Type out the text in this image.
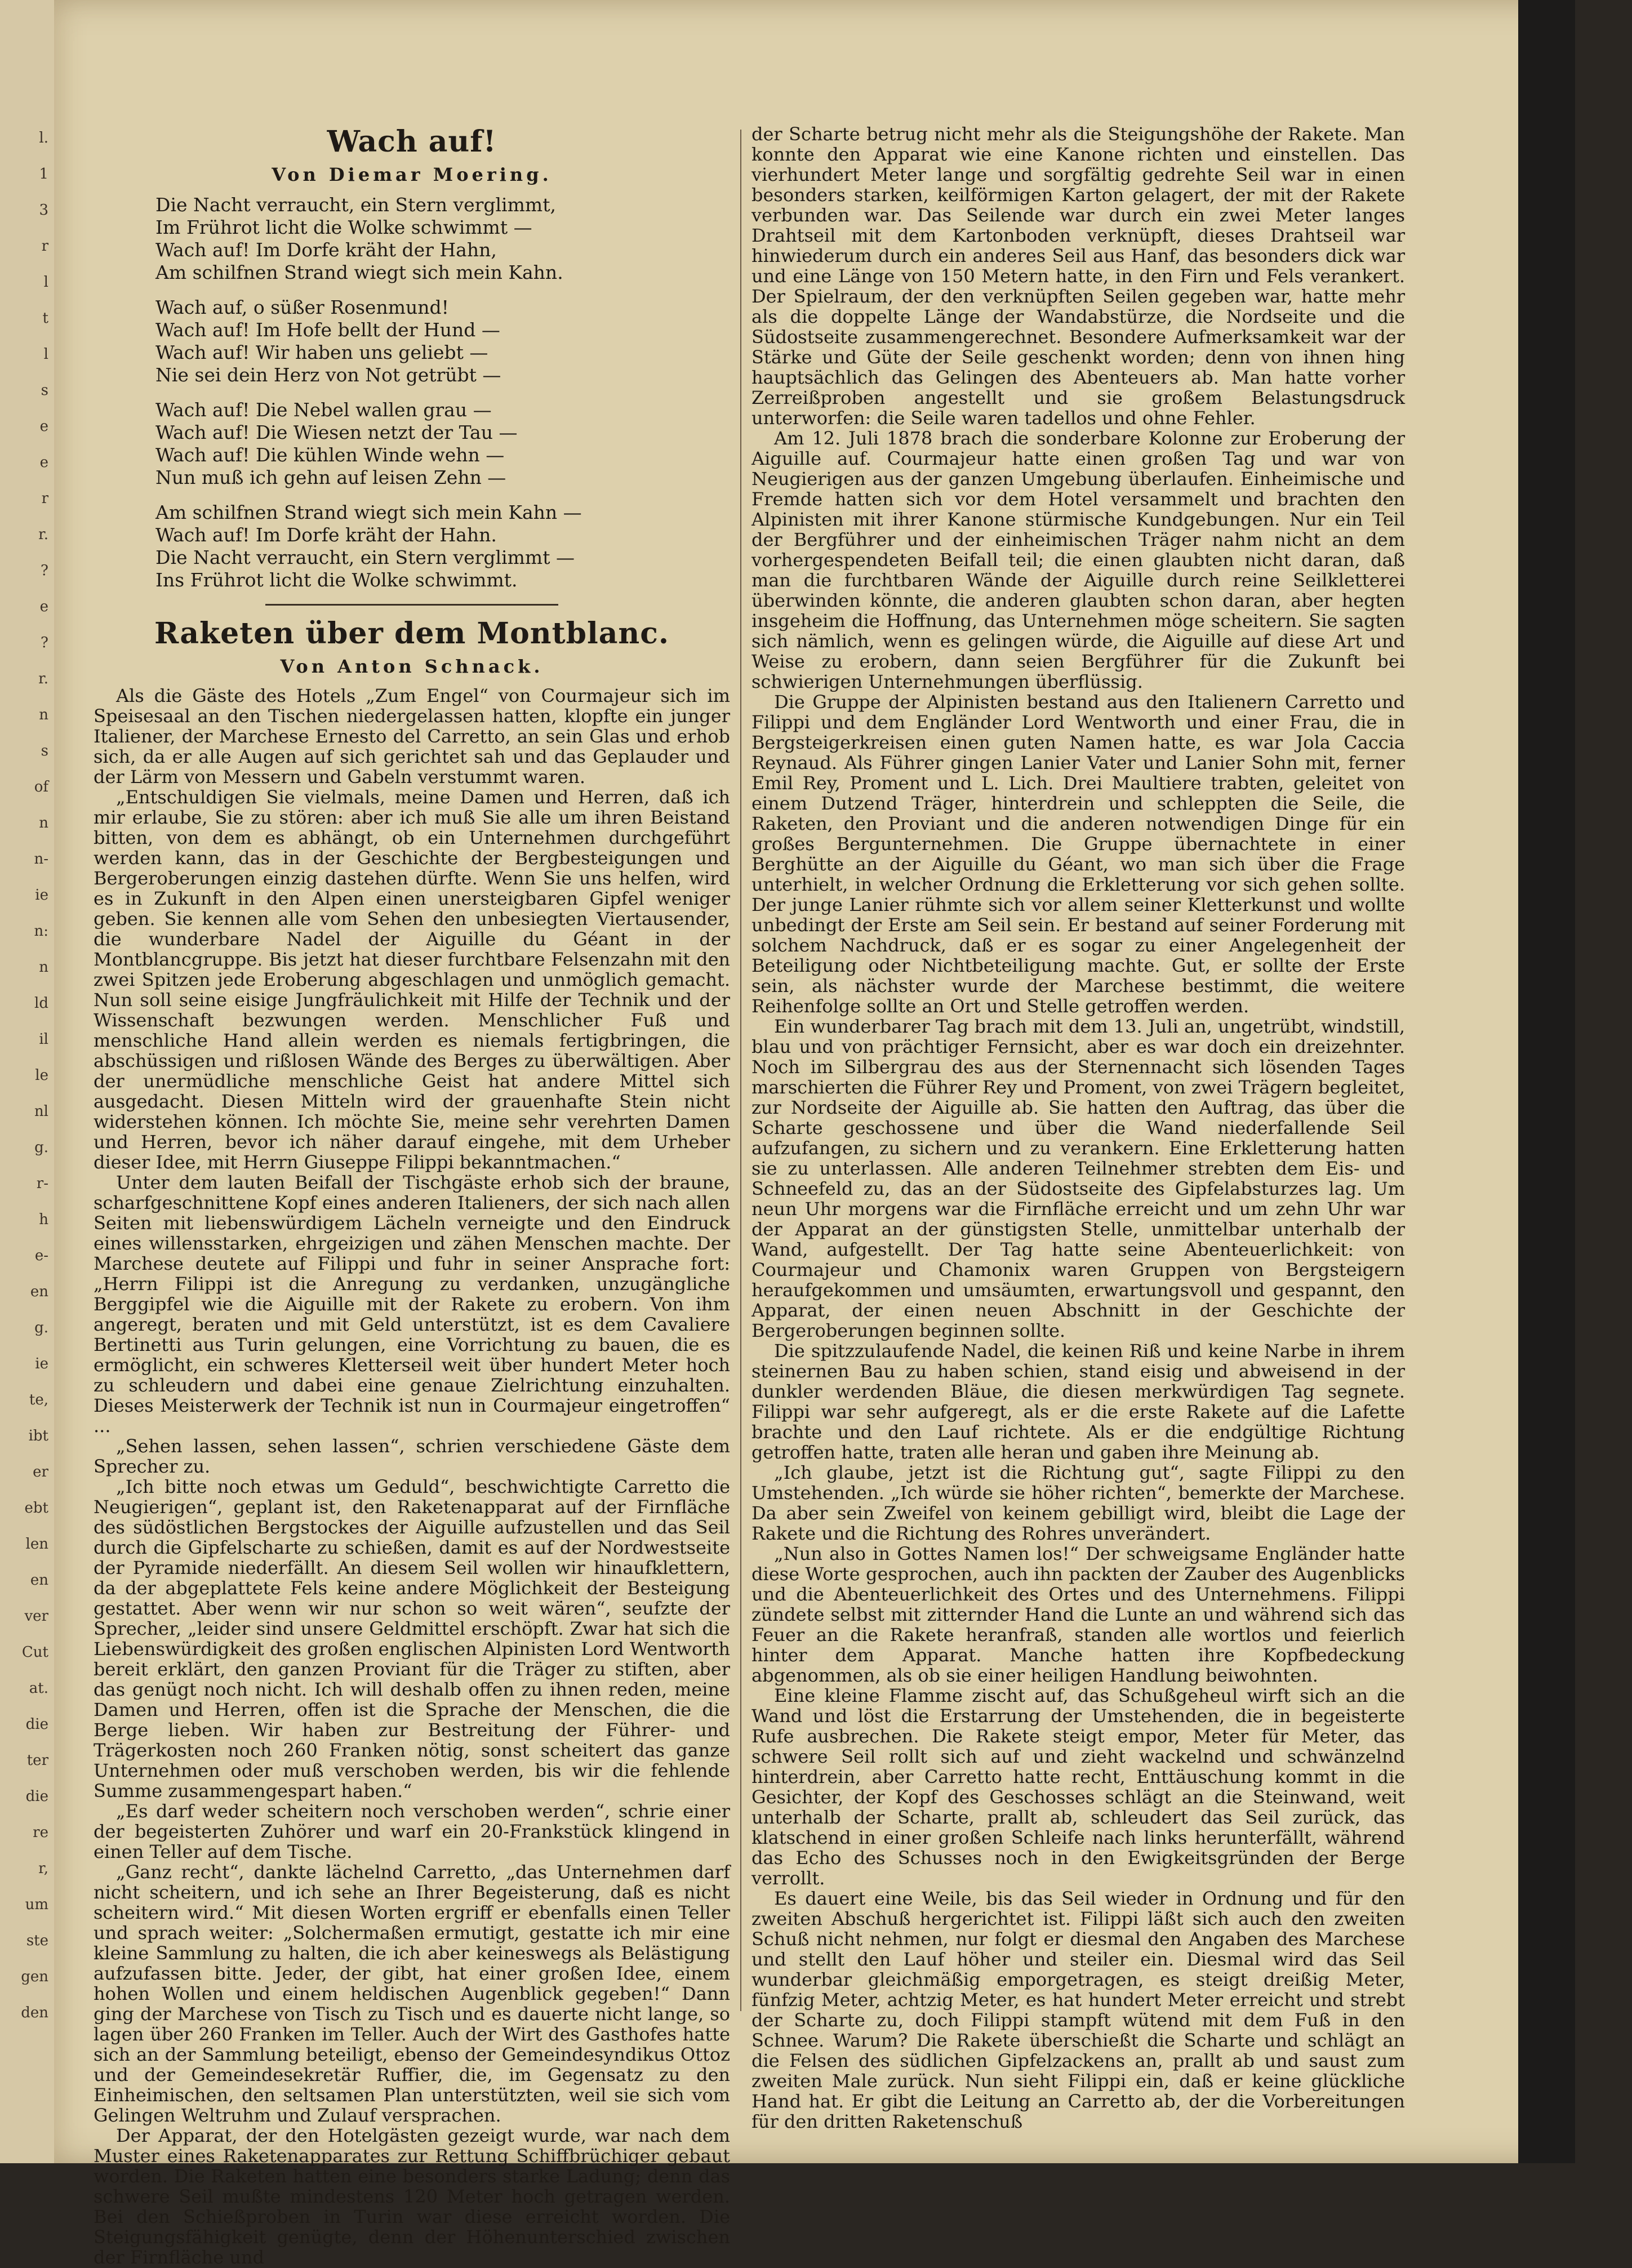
l.
1
3
r
l
t
l
s
e
e
r
r.
?
e
?
r.
n
s
of
n
n-
ie
n:
n
ld
il
le
nl
g.
r-
h
e-
en
g.
ie
te,
ibt
er
ebt
len
en
ver
Cut
at.
die
ter
die
re
r,
um
ste
gen
den
Wach auf!
Von Diemar Moering.
Die Nacht verraucht, ein Stern verglimmt,
Im Frührot licht die Wolke schwimmt —
Wach auf! Im Dorfe kräht der Hahn,
Am schilfnen Strand wiegt sich mein Kahn.
Wach auf, o süßer Rosenmund!
Wach auf! Im Hofe bellt der Hund —
Wach auf! Wir haben uns geliebt —
Nie sei dein Herz von Not getrübt —
Wach auf! Die Nebel wallen grau —
Wach auf! Die Wiesen netzt der Tau —
Wach auf! Die kühlen Winde wehn —
Nun muß ich gehn auf leisen Zehn —
Am schilfnen Strand wiegt sich mein Kahn —
Wach auf! Im Dorfe kräht der Hahn.
Die Nacht verraucht, ein Stern verglimmt —
Ins Frührot licht die Wolke schwimmt.
Raketen über dem Montblanc.
Von Anton Schnack.

Als die Gäste des Hotels „Zum Engel“ von Courmajeur sich im Speisesaal an den Tischen niedergelassen hatten, klopfte ein junger Italiener, der Marchese Ernesto del Carretto, an sein Glas und erhob sich, da er alle Augen auf sich gerichtet sah und das Geplauder und der Lärm von Messern und Gabeln verstummt waren.

„Entschuldigen Sie vielmals, meine Damen und Herren, daß ich mir erlaube, Sie zu stören: aber ich muß Sie alle um ihren Beistand bitten, von dem es abhängt, ob ein Unternehmen durchgeführt werden kann, das in der Geschichte der Bergbesteigungen und Bergeroberungen einzig dastehen dürfte. Wenn Sie uns helfen, wird es in Zukunft in den Alpen einen unersteigbaren Gipfel weniger geben. Sie kennen alle vom Sehen den unbesiegten Viertausender, die wunderbare Nadel der Aiguille du Géant in der Montblancgruppe. Bis jetzt hat dieser furchtbare Felsenzahn mit den zwei Spitzen jede Eroberung abgeschlagen und unmöglich gemacht. Nun soll seine eisige Jungfräulichkeit mit Hilfe der Technik und der Wissenschaft bezwungen werden. Menschlicher Fuß und menschliche Hand allein werden es niemals fertigbringen, die abschüssigen und rißlosen Wände des Berges zu überwältigen. Aber der unermüdliche menschliche Geist hat andere Mittel sich ausgedacht. Diesen Mitteln wird der grauenhafte Stein nicht widerstehen können. Ich möchte Sie, meine sehr verehrten Damen und Herren, bevor ich näher darauf eingehe, mit dem Urheber dieser Idee, mit Herrn Giuseppe Filippi bekanntmachen.“

Unter dem lauten Beifall der Tischgäste erhob sich der braune, scharfgeschnittene Kopf eines anderen Italieners, der sich nach allen Seiten mit liebenswürdigem Lächeln verneigte und den Eindruck eines willensstarken, ehrgeizigen und zähen Menschen machte. Der Marchese deutete auf Filippi und fuhr in seiner Ansprache fort: „Herrn Filippi ist die Anregung zu verdanken, unzugängliche Berggipfel wie die Aiguille mit der Rakete zu erobern. Von ihm angeregt, beraten und mit Geld unterstützt, ist es dem Cavaliere Bertinetti aus Turin gelungen, eine Vorrichtung zu bauen, die es ermöglicht, ein schweres Kletterseil weit über hundert Meter hoch zu schleudern und dabei eine genaue Zielrichtung einzuhalten. Dieses Meisterwerk der Technik ist nun in Courmajeur eingetroffen“ ...

„Sehen lassen, sehen lassen“, schrien verschiedene Gäste dem Sprecher zu.

„Ich bitte noch etwas um Geduld“, beschwichtigte Carretto die Neugierigen“, geplant ist, den Raketenapparat auf der Firnfläche des südöstlichen Bergstockes der Aiguille aufzustellen und das Seil durch die Gipfelscharte zu schießen, damit es auf der Nordwestseite der Pyramide niederfällt. An diesem Seil wollen wir hinaufklettern, da der abgeplattete Fels keine andere Möglichkeit der Besteigung gestattet. Aber wenn wir nur schon so weit wären“, seufzte der Sprecher, „leider sind unsere Geldmittel erschöpft. Zwar hat sich die Liebenswürdigkeit des großen englischen Alpinisten Lord Wentworth bereit erklärt, den ganzen Proviant für die Träger zu stiften, aber das genügt noch nicht. Ich will deshalb offen zu ihnen reden, meine Damen und Herren, offen ist die Sprache der Menschen, die die Berge lieben. Wir haben zur Bestreitung der Führer- und Trägerkosten noch 260 Franken nötig, sonst scheitert das ganze Unternehmen oder muß verschoben werden, bis wir die fehlende Summe zusammengespart haben.“

„Es darf weder scheitern noch verschoben werden“, schrie einer der begeisterten Zuhörer und warf ein 20-Frankstück klingend in einen Teller auf dem Tische.

„Ganz recht“, dankte lächelnd Carretto, „das Unternehmen darf nicht scheitern, und ich sehe an Ihrer Begeisterung, daß es nicht scheitern wird.“ Mit diesen Worten ergriff er ebenfalls einen Teller und sprach weiter: „Solchermaßen ermutigt, gestatte ich mir eine kleine Sammlung zu halten, die ich aber keineswegs als Belästigung aufzufassen bitte. Jeder, der gibt, hat einer großen Idee, einem hohen Wollen und einem heldischen Augenblick gegeben!“ Dann ging der Marchese von Tisch zu Tisch und es dauerte nicht lange, so lagen über 260 Franken im Teller. Auch der Wirt des Gasthofes hatte sich an der Sammlung beteiligt, ebenso der Gemeindesyndikus Ottoz und der Gemeindesekretär Ruffier, die, im Gegensatz zu den Einheimischen, den seltsamen Plan unterstützten, weil sie sich vom Gelingen Weltruhm und Zulauf versprachen.

Der Apparat, der den Hotelgästen gezeigt wurde, war nach dem Muster eines Raketenapparates zur Rettung Schiffbrüchiger gebaut worden. Die Raketen hatten eine besonders starke Ladung; denn das schwere Seil mußte mindestens 120 Meter hoch getragen werden. Bei den Schießproben in Turin war diese erreicht worden. Die Steigungsfähigkeit genügte, denn der Höhenunterschied zwischen der Firnfläche und

der Scharte betrug nicht mehr als die Steigungshöhe der Rakete. Man konnte den Apparat wie eine Kanone richten und einstellen. Das vierhundert Meter lange und sorgfältig gedrehte Seil war in einen besonders starken, keilförmigen Karton gelagert, der mit der Rakete verbunden war. Das Seilende war durch ein zwei Meter langes Drahtseil mit dem Kartonboden verknüpft, dieses Drahtseil war hinwiederum durch ein anderes Seil aus Hanf, das besonders dick war und eine Länge von 150 Metern hatte, in den Firn und Fels verankert. Der Spielraum, der den verknüpften Seilen gegeben war, hatte mehr als die doppelte Länge der Wandabstürze, die Nordseite und die Südostseite zusammengerechnet. Besondere Aufmerksamkeit war der Stärke und Güte der Seile geschenkt worden; denn von ihnen hing hauptsächlich das Gelingen des Abenteuers ab. Man hatte vorher Zerreißproben angestellt und sie großem Belastungsdruck unterworfen: die Seile waren tadellos und ohne Fehler.

Am 12. Juli 1878 brach die sonderbare Kolonne zur Eroberung der Aiguille auf. Courmajeur hatte einen großen Tag und war von Neugierigen aus der ganzen Umgebung überlaufen. Einheimische und Fremde hatten sich vor dem Hotel versammelt und brachten den Alpinisten mit ihrer Kanone stürmische Kundgebungen. Nur ein Teil der Bergführer und der einheimischen Träger nahm nicht an dem vorhergespendeten Beifall teil; die einen glaubten nicht daran, daß man die furchtbaren Wände der Aiguille durch reine Seilkletterei überwinden könnte, die anderen glaubten schon daran, aber hegten insgeheim die Hoffnung, das Unternehmen möge scheitern. Sie sagten sich nämlich, wenn es gelingen würde, die Aiguille auf diese Art und Weise zu erobern, dann seien Bergführer für die Zukunft bei schwierigen Unternehmungen überflüssig.

Die Gruppe der Alpinisten bestand aus den Italienern Carretto und Filippi und dem Engländer Lord Wentworth und einer Frau, die in Bergsteigerkreisen einen guten Namen hatte, es war Jola Caccia Reynaud. Als Führer gingen Lanier Vater und Lanier Sohn mit, ferner Emil Rey, Proment und L. Lich. Drei Maultiere trabten, geleitet von einem Dutzend Träger, hinterdrein und schleppten die Seile, die Raketen, den Proviant und die anderen notwendigen Dinge für ein großes Bergunternehmen. Die Gruppe übernachtete in einer Berghütte an der Aiguille du Géant, wo man sich über die Frage unterhielt, in welcher Ordnung die Erkletterung vor sich gehen sollte. Der junge Lanier rühmte sich vor allem seiner Kletterkunst und wollte unbedingt der Erste am Seil sein. Er bestand auf seiner Forderung mit solchem Nachdruck, daß er es sogar zu einer Angelegenheit der Beteiligung oder Nichtbeteiligung machte. Gut, er sollte der Erste sein, als nächster wurde der Marchese bestimmt, die weitere Reihenfolge sollte an Ort und Stelle getroffen werden.

Ein wunderbarer Tag brach mit dem 13. Juli an, ungetrübt, windstill, blau und von prächtiger Fernsicht, aber es war doch ein dreizehnter. Noch im Silbergrau des aus der Sternennacht sich lösenden Tages marschierten die Führer Rey und Proment, von zwei Trägern begleitet, zur Nordseite der Aiguille ab. Sie hatten den Auftrag, das über die Scharte geschossene und über die Wand niederfallende Seil aufzufangen, zu sichern und zu verankern. Eine Erkletterung hatten sie zu unterlassen. Alle anderen Teilnehmer strebten dem Eis- und Schneefeld zu, das an der Südostseite des Gipfelabsturzes lag. Um neun Uhr morgens war die Firnfläche erreicht und um zehn Uhr war der Apparat an der günstigsten Stelle, unmittelbar unterhalb der Wand, aufgestellt. Der Tag hatte seine Abenteuerlichkeit: von Courmajeur und Chamonix waren Gruppen von Bergsteigern heraufgekommen und umsäumten, erwartungsvoll und gespannt, den Apparat, der einen neuen Abschnitt in der Geschichte der Bergeroberungen beginnen sollte.

Die spitzzulaufende Nadel, die keinen Riß und keine Narbe in ihrem steinernen Bau zu haben schien, stand eisig und abweisend in der dunkler werdenden Bläue, die diesen merkwürdigen Tag segnete. Filippi war sehr aufgeregt, als er die erste Rakete auf die Lafette brachte und den Lauf richtete. Als er die endgültige Richtung getroffen hatte, traten alle heran und gaben ihre Meinung ab.

„Ich glaube, jetzt ist die Richtung gut“, sagte Filippi zu den Umstehenden. „Ich würde sie höher richten“, bemerkte der Marchese. Da aber sein Zweifel von keinem gebilligt wird, bleibt die Lage der Rakete und die Richtung des Rohres unverändert.

„Nun also in Gottes Namen los!“ Der schweigsame Engländer hatte diese Worte gesprochen, auch ihn packten der Zauber des Augenblicks und die Abenteuerlichkeit des Ortes und des Unternehmens. Filippi zündete selbst mit zitternder Hand die Lunte an und während sich das Feuer an die Rakete heranfraß, standen alle wortlos und feierlich hinter dem Apparat. Manche hatten ihre Kopfbedeckung abgenommen, als ob sie einer heiligen Handlung beiwohnten.

Eine kleine Flamme zischt auf, das Schußgeheul wirft sich an die Wand und löst die Erstarrung der Umstehenden, die in begeisterte Rufe ausbrechen. Die Rakete steigt empor, Meter für Meter, das schwere Seil rollt sich auf und zieht wackelnd und schwänzelnd hinterdrein, aber Carretto hatte recht, Enttäuschung kommt in die Gesichter, der Kopf des Geschosses schlägt an die Steinwand, weit unterhalb der Scharte, prallt ab, schleudert das Seil zurück, das klatschend in einer großen Schleife nach links herunterfällt, während das Echo des Schusses noch in den Ewigkeitsgründen der Berge verrollt.

Es dauert eine Weile, bis das Seil wieder in Ordnung und für den zweiten Abschuß hergerichtet ist. Filippi läßt sich auch den zweiten Schuß nicht nehmen, nur folgt er diesmal den Angaben des Marchese und stellt den Lauf höher und steiler ein. Diesmal wird das Seil wunderbar gleichmäßig emporgetragen, es steigt dreißig Meter, fünfzig Meter, achtzig Meter, es hat hundert Meter erreicht und strebt der Scharte zu, doch Filippi stampft wütend mit dem Fuß in den Schnee. Warum? Die Rakete überschießt die Scharte und schlägt an die Felsen des südlichen Gipfelzackens an, prallt ab und saust zum zweiten Male zurück. Nun sieht Filippi ein, daß er keine glückliche Hand hat. Er gibt die Leitung an Carretto ab, der die Vorbereitungen für den dritten Raketenschuß
